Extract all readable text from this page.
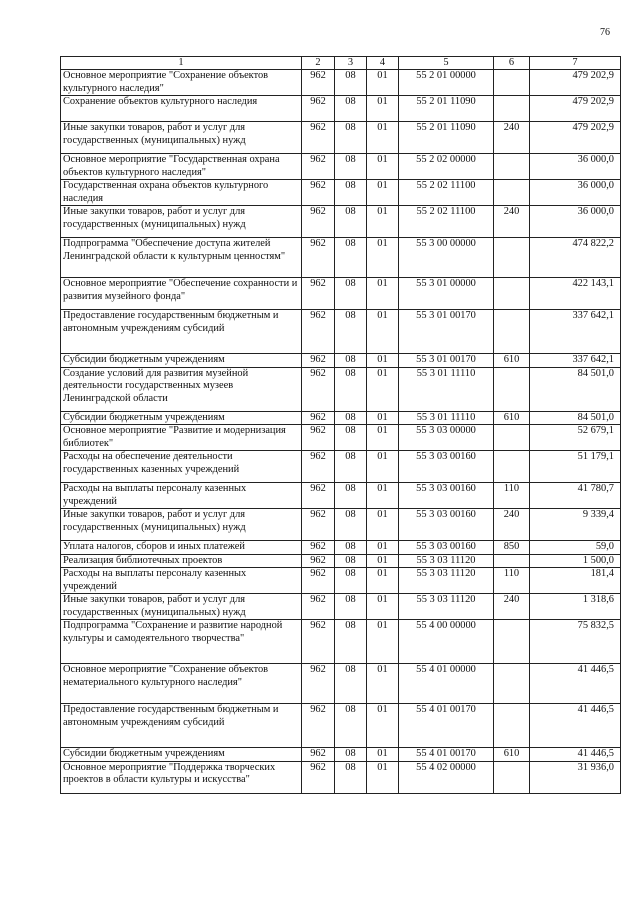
76
1	2	3	4	5	6	7
Основное мероприятие "Сохранение объектов культурного наследия"	962	08	01	55 2 01 00000		479 202,9
Сохранение объектов культурного наследия	962	08	01	55 2 01 11090		479 202,9
Иные закупки товаров, работ и услуг для государственных (муниципальных) нужд	962	08	01	55 2 01 11090	240	479 202,9
Основное мероприятие "Государственная охрана объектов культурного наследия"	962	08	01	55 2 02 00000		36 000,0
Государственная охрана объектов культурного наследия	962	08	01	55 2 02 11100		36 000,0
Иные закупки товаров, работ и услуг для государственных (муниципальных) нужд	962	08	01	55 2 02 11100	240	36 000,0
Подпрограмма "Обеспечение доступа жителей Ленинградской области к культурным ценностям"	962	08	01	55 3 00 00000		474 822,2
Основное мероприятие "Обеспечение сохранности и развития музейного фонда"	962	08	01	55 3 01 00000		422 143,1
Предоставление государственным бюджетным и автономным учреждениям субсидий	962	08	01	55 3 01 00170		337 642,1
Субсидии бюджетным учреждениям	962	08	01	55 3 01 00170	610	337 642,1
Создание условий для развития музейной деятельности государственных музеев Ленинградской области	962	08	01	55 3 01 11110		84 501,0
Субсидии бюджетным учреждениям	962	08	01	55 3 01 11110	610	84 501,0
Основное мероприятие "Развитие и модернизация библиотек"	962	08	01	55 3 03 00000		52 679,1
Расходы на обеспечение деятельности государственных казенных учреждений	962	08	01	55 3 03 00160		51 179,1
Расходы на выплаты персоналу казенных учреждений	962	08	01	55 3 03 00160	110	41 780,7
Иные закупки товаров, работ и услуг для государственных (муниципальных) нужд	962	08	01	55 3 03 00160	240	9 339,4
Уплата налогов, сборов и иных платежей	962	08	01	55 3 03 00160	850	59,0
Реализация библиотечных проектов	962	08	01	55 3 03 11120		1 500,0
Расходы на выплаты персоналу казенных учреждений	962	08	01	55 3 03 11120	110	181,4
Иные закупки товаров, работ и услуг для государственных (муниципальных) нужд	962	08	01	55 3 03 11120	240	1 318,6
Подпрограмма "Сохранение и развитие народной культуры и самодеятельного творчества"	962	08	01	55 4 00 00000		75 832,5
Основное мероприятие "Сохранение объектов нематериального культурного наследия"	962	08	01	55 4 01 00000		41 446,5
Предоставление государственным бюджетным и автономным учреждениям субсидий	962	08	01	55 4 01 00170		41 446,5
Субсидии бюджетным учреждениям	962	08	01	55 4 01 00170	610	41 446,5
Основное мероприятие "Поддержка творческих проектов в области культуры и искусства"	962	08	01	55 4 02 00000		31 936,0
